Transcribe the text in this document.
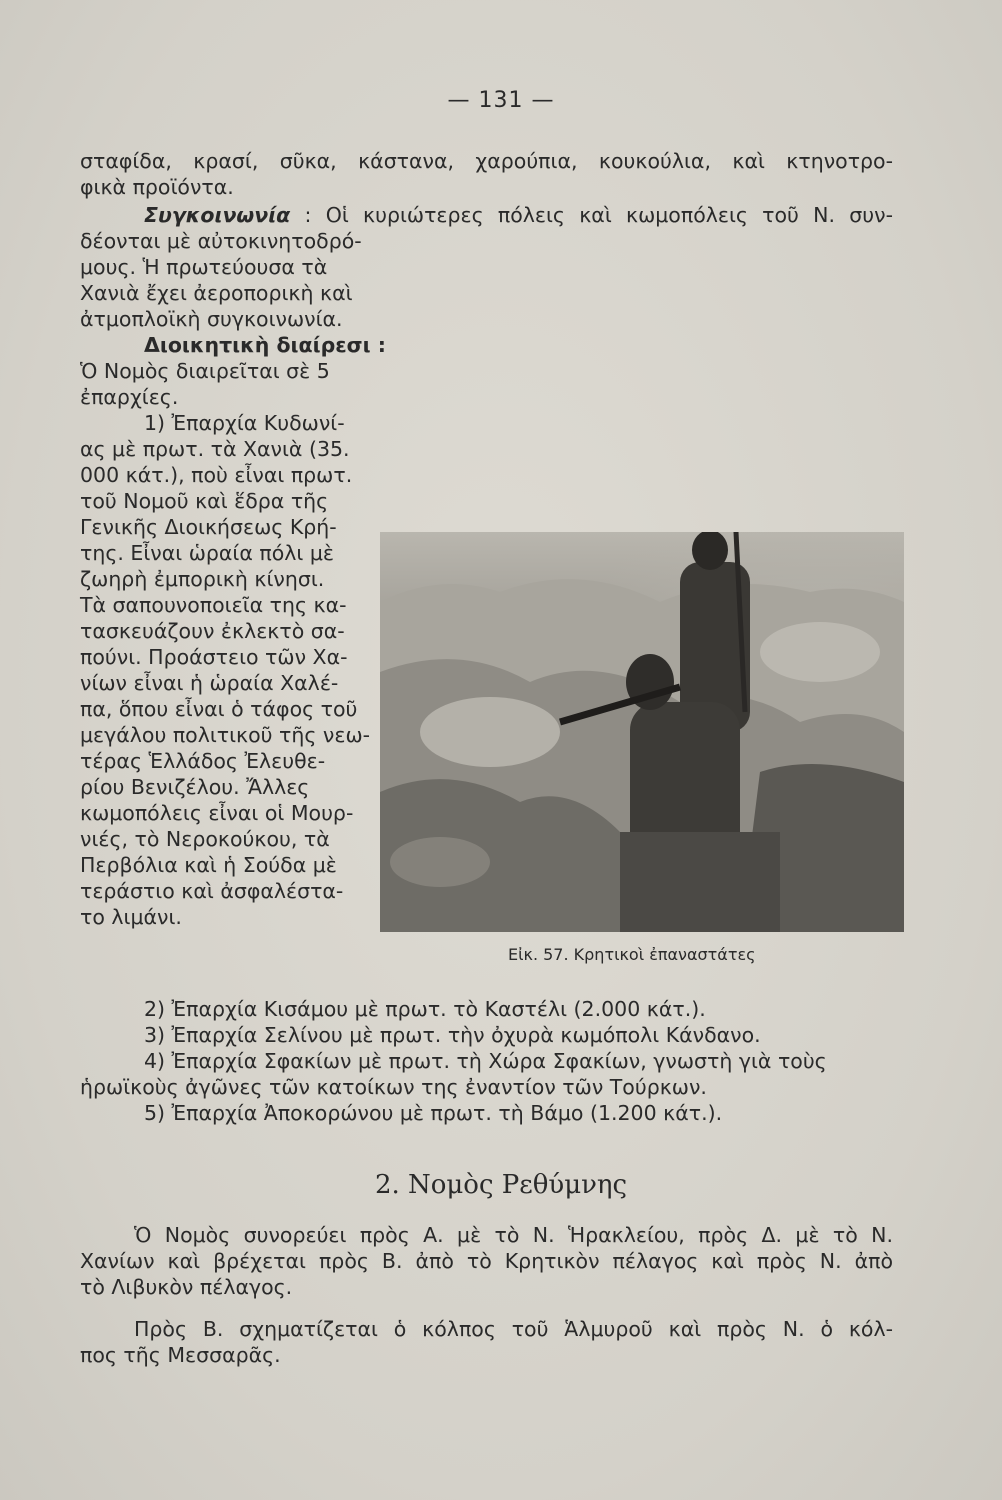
— 131 —
σταφίδα, κρασί, σῦκα, κάστανα, χαρούπια, κουκούλια, καὶ κτηνοτρο-
φικὰ προϊόντα.
Συγκοινωνία : Οἱ κυριώτερες πόλεις καὶ κωμοπόλεις τοῦ Ν. συν-
δέονται μὲ αὐτοκινητοδρό-
μους. Ἡ πρωτεύουσα τὰ
Χανιὰ ἔχει ἀεροπορικὴ καὶ
ἀτμοπλοϊκὴ συγκοινωνία.
Διοικητικὴ διαίρεσι :
Ὁ Νομὸς διαιρεῖται σὲ 5
ἐπαρχίες.
1) Ἐπαρχία Κυδωνί-
ας μὲ πρωτ. τὰ Χανιὰ (35.
000 κάτ.), ποὺ εἶναι πρωτ.
τοῦ Νομοῦ καὶ ἕδρα τῆς
Γενικῆς Διοικήσεως Κρή-
της. Εἶναι ὡραία πόλι μὲ
ζωηρὴ ἐμπορικὴ κίνησι.
Τὰ σαπουνοποιεῖα της κα-
τασκευάζουν ἐκλεκτὸ σα-
πούνι. Προάστειο τῶν Χα-
νίων εἶναι ἡ ὡραία Χαλέ-
πα, ὅπου εἶναι ὁ τάφος τοῦ
μεγάλου πολιτικοῦ τῆς νεω-
τέρας Ἑλλάδος Ἐλευθε-
ρίου Βενιζέλου. Ἄλλες
κωμοπόλεις εἶναι οἱ Μουρ-
νιές, τὸ Νεροκούκου, τὰ
Περβόλια καὶ ἡ Σούδα μὲ
τεράστιο καὶ ἀσφαλέστα-
το λιμάνι.
Εἰκ. 57. Κρητικοὶ ἐπαναστάτες
2) Ἐπαρχία Κισάμου μὲ πρωτ. τὸ Καστέλι (2.000 κάτ.).
3) Ἐπαρχία Σελίνου μὲ πρωτ. τὴν ὀχυρὰ κωμόπολι Κάνδανο.
4) Ἐπαρχία Σφακίων μὲ πρωτ. τὴ Χώρα Σφακίων, γνωστὴ γιὰ τοὺς
ἡρωϊκοὺς ἀγῶνες τῶν κατοίκων της ἐναντίον τῶν Τούρκων.
5) Ἐπαρχία Ἀποκορώνου μὲ πρωτ. τὴ Βάμο (1.200 κάτ.).
2. Νομὸς Ρεθύμνης
Ὁ Νομὸς συνορεύει πρὸς Α. μὲ τὸ Ν. Ἡρακλείου, πρὸς Δ. μὲ τὸ Ν.
Χανίων καὶ βρέχεται πρὸς Β. ἀπὸ τὸ Κρητικὸν πέλαγος καὶ πρὸς Ν. ἀπὸ
τὸ Λιβυκὸν πέλαγος.
Πρὸς Β. σχηματίζεται ὁ κόλπος τοῦ Ἁλμυροῦ καὶ πρὸς Ν. ὁ κόλ-
πος τῆς Μεσσαρᾶς.
